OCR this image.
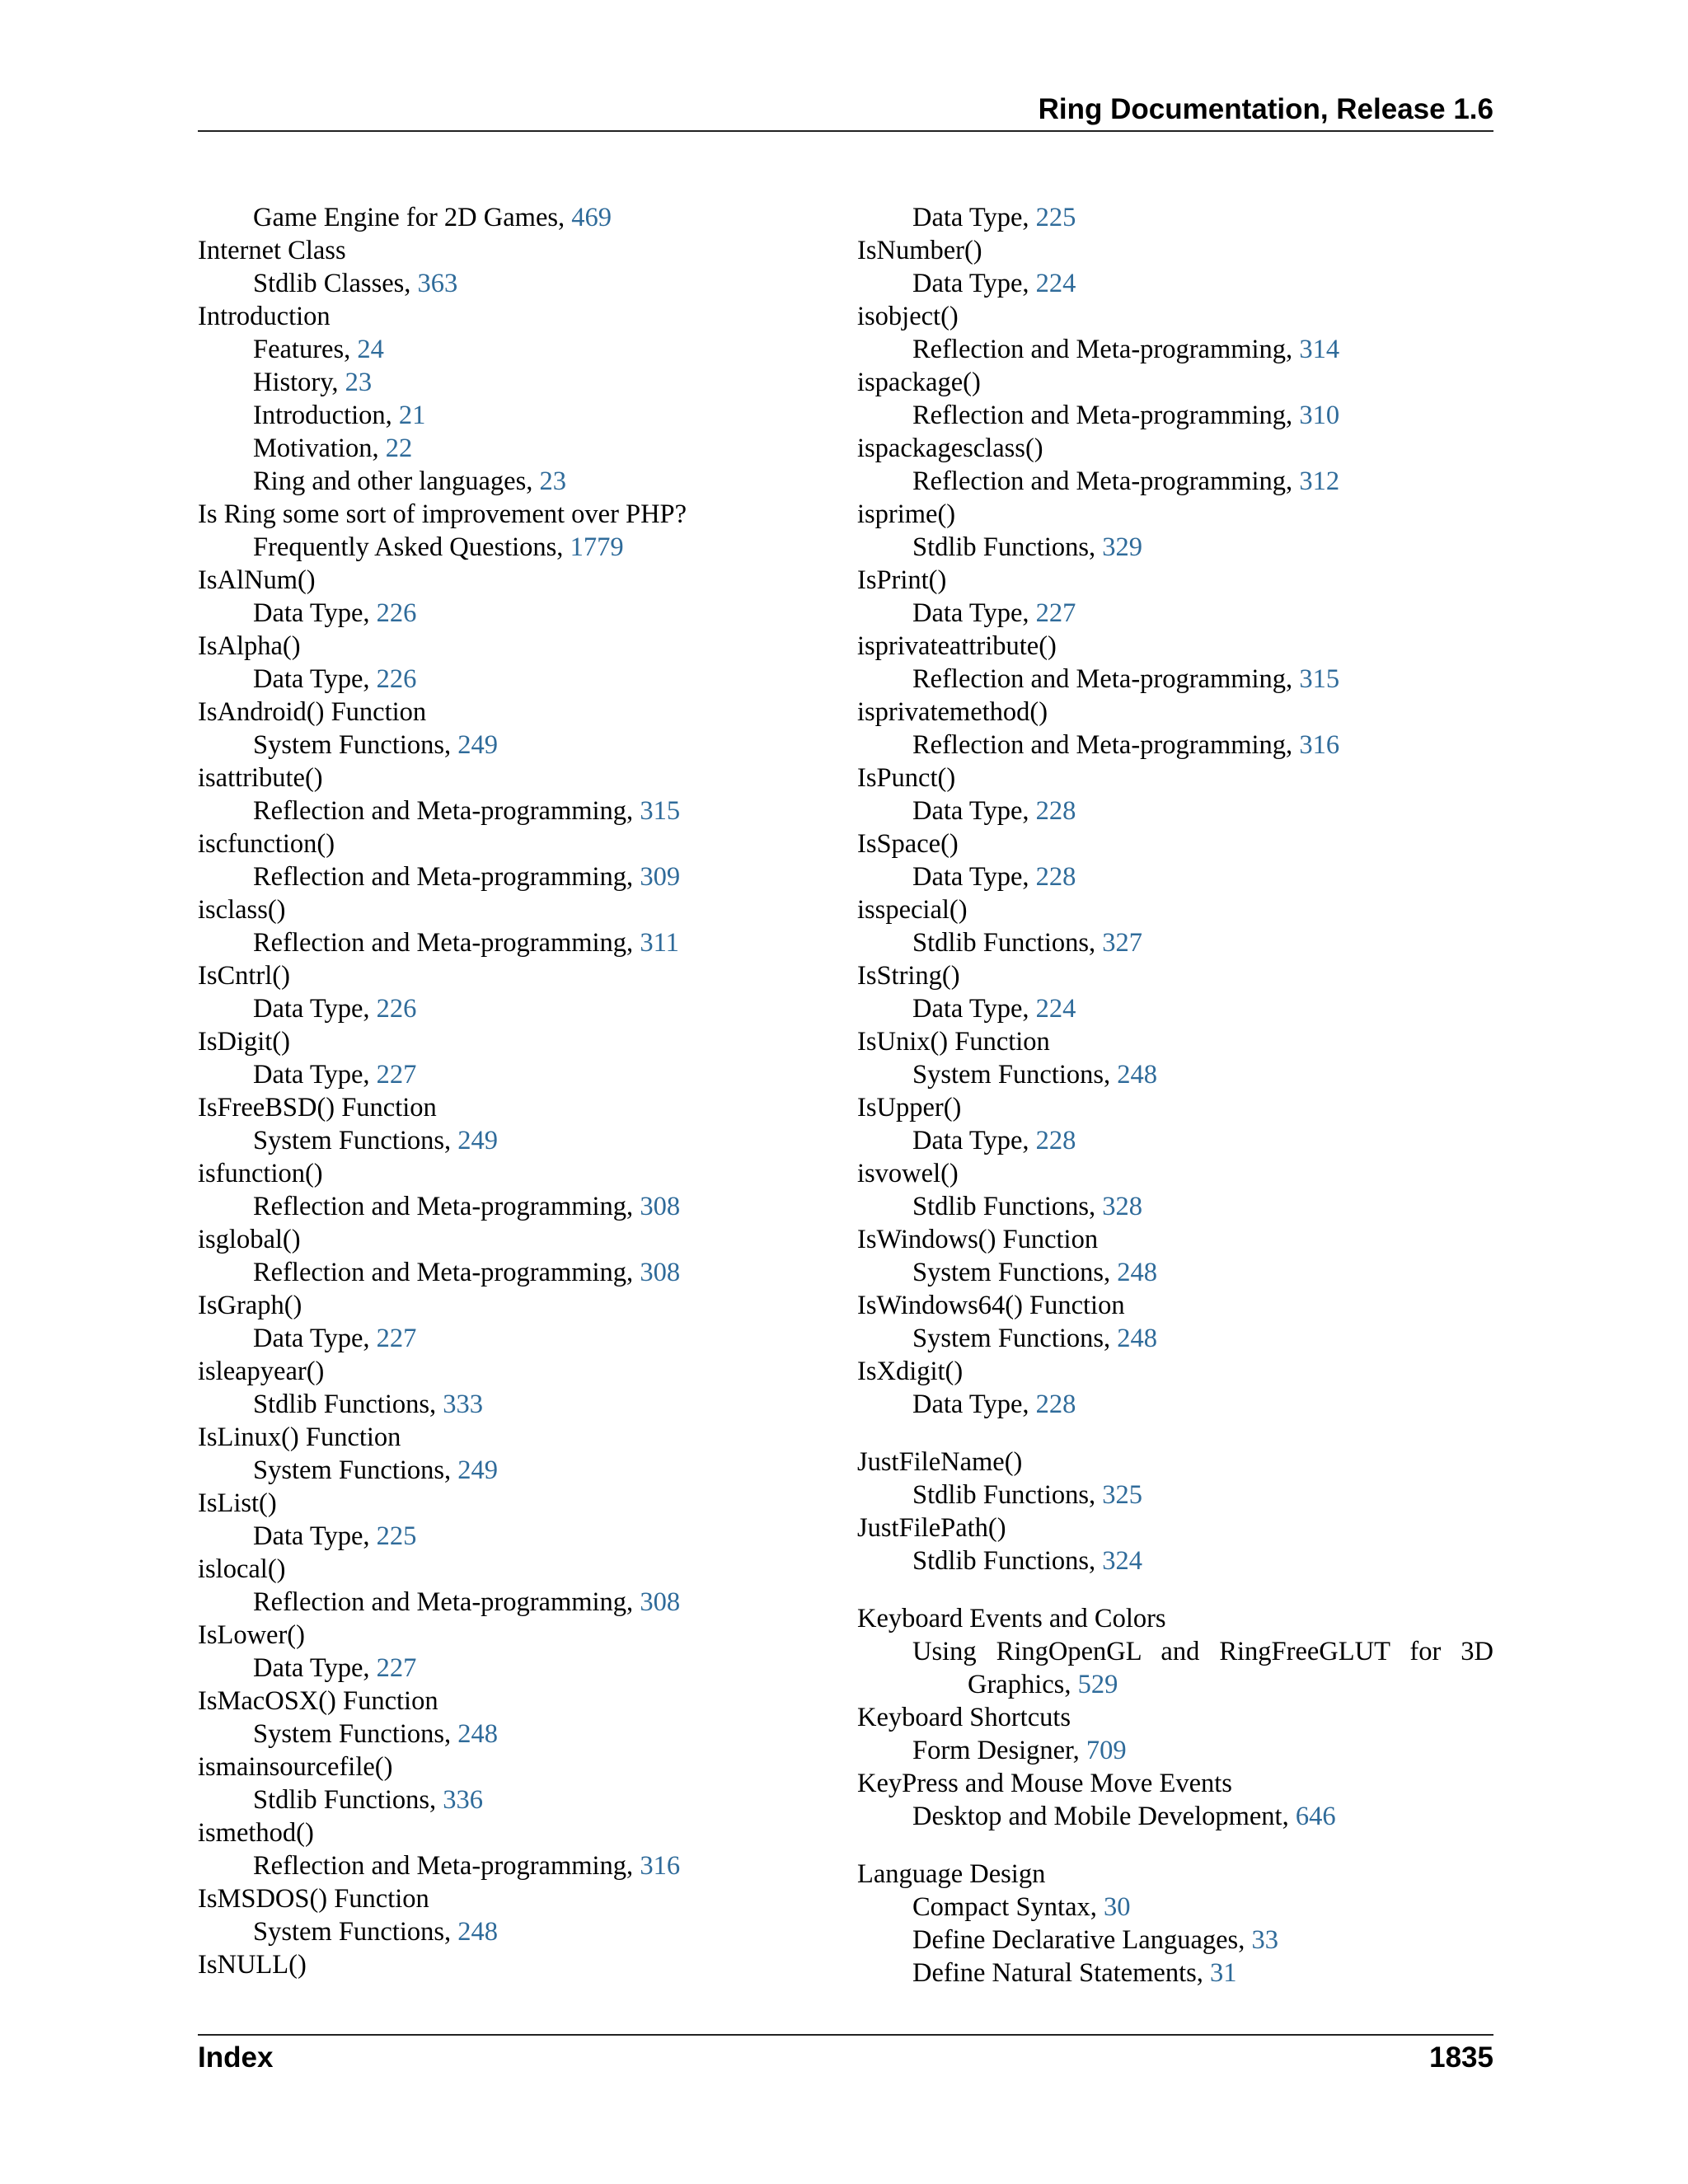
Ring Documentation, Release 1.6
Game Engine for 2D Games, 469
Internet Class
Stdlib Classes, 363
Introduction
Features, 24
History, 23
Introduction, 21
Motivation, 22
Ring and other languages, 23
Is Ring some sort of improvement over PHP?
Frequently Asked Questions, 1779
IsAlNum()
Data Type, 226
IsAlpha()
Data Type, 226
IsAndroid() Function
System Functions, 249
isattribute()
Reflection and Meta-programming, 315
iscfunction()
Reflection and Meta-programming, 309
isclass()
Reflection and Meta-programming, 311
IsCntrl()
Data Type, 226
IsDigit()
Data Type, 227
IsFreeBSD() Function
System Functions, 249
isfunction()
Reflection and Meta-programming, 308
isglobal()
Reflection and Meta-programming, 308
IsGraph()
Data Type, 227
isleapyear()
Stdlib Functions, 333
IsLinux() Function
System Functions, 249
IsList()
Data Type, 225
islocal()
Reflection and Meta-programming, 308
IsLower()
Data Type, 227
IsMacOSX() Function
System Functions, 248
ismainsourcefile()
Stdlib Functions, 336
ismethod()
Reflection and Meta-programming, 316
IsMSDOS() Function
System Functions, 248
IsNULL()
Data Type, 225
IsNumber()
Data Type, 224
isobject()
Reflection and Meta-programming, 314
ispackage()
Reflection and Meta-programming, 310
ispackagesclass()
Reflection and Meta-programming, 312
isprime()
Stdlib Functions, 329
IsPrint()
Data Type, 227
isprivateattribute()
Reflection and Meta-programming, 315
isprivatemethod()
Reflection and Meta-programming, 316
IsPunct()
Data Type, 228
IsSpace()
Data Type, 228
isspecial()
Stdlib Functions, 327
IsString()
Data Type, 224
IsUnix() Function
System Functions, 248
IsUpper()
Data Type, 228
isvowel()
Stdlib Functions, 328
IsWindows() Function
System Functions, 248
IsWindows64() Function
System Functions, 248
IsXdigit()
Data Type, 228
JustFileName()
Stdlib Functions, 325
JustFilePath()
Stdlib Functions, 324
Keyboard Events and Colors
Using RingOpenGL and RingFreeGLUT for 3D Graphics, 529
Keyboard Shortcuts
Form Designer, 709
KeyPress and Mouse Move Events
Desktop and Mobile Development, 646
Language Design
Compact Syntax, 30
Define Declarative Languages, 33
Define Natural Statements, 31
Index	1835
